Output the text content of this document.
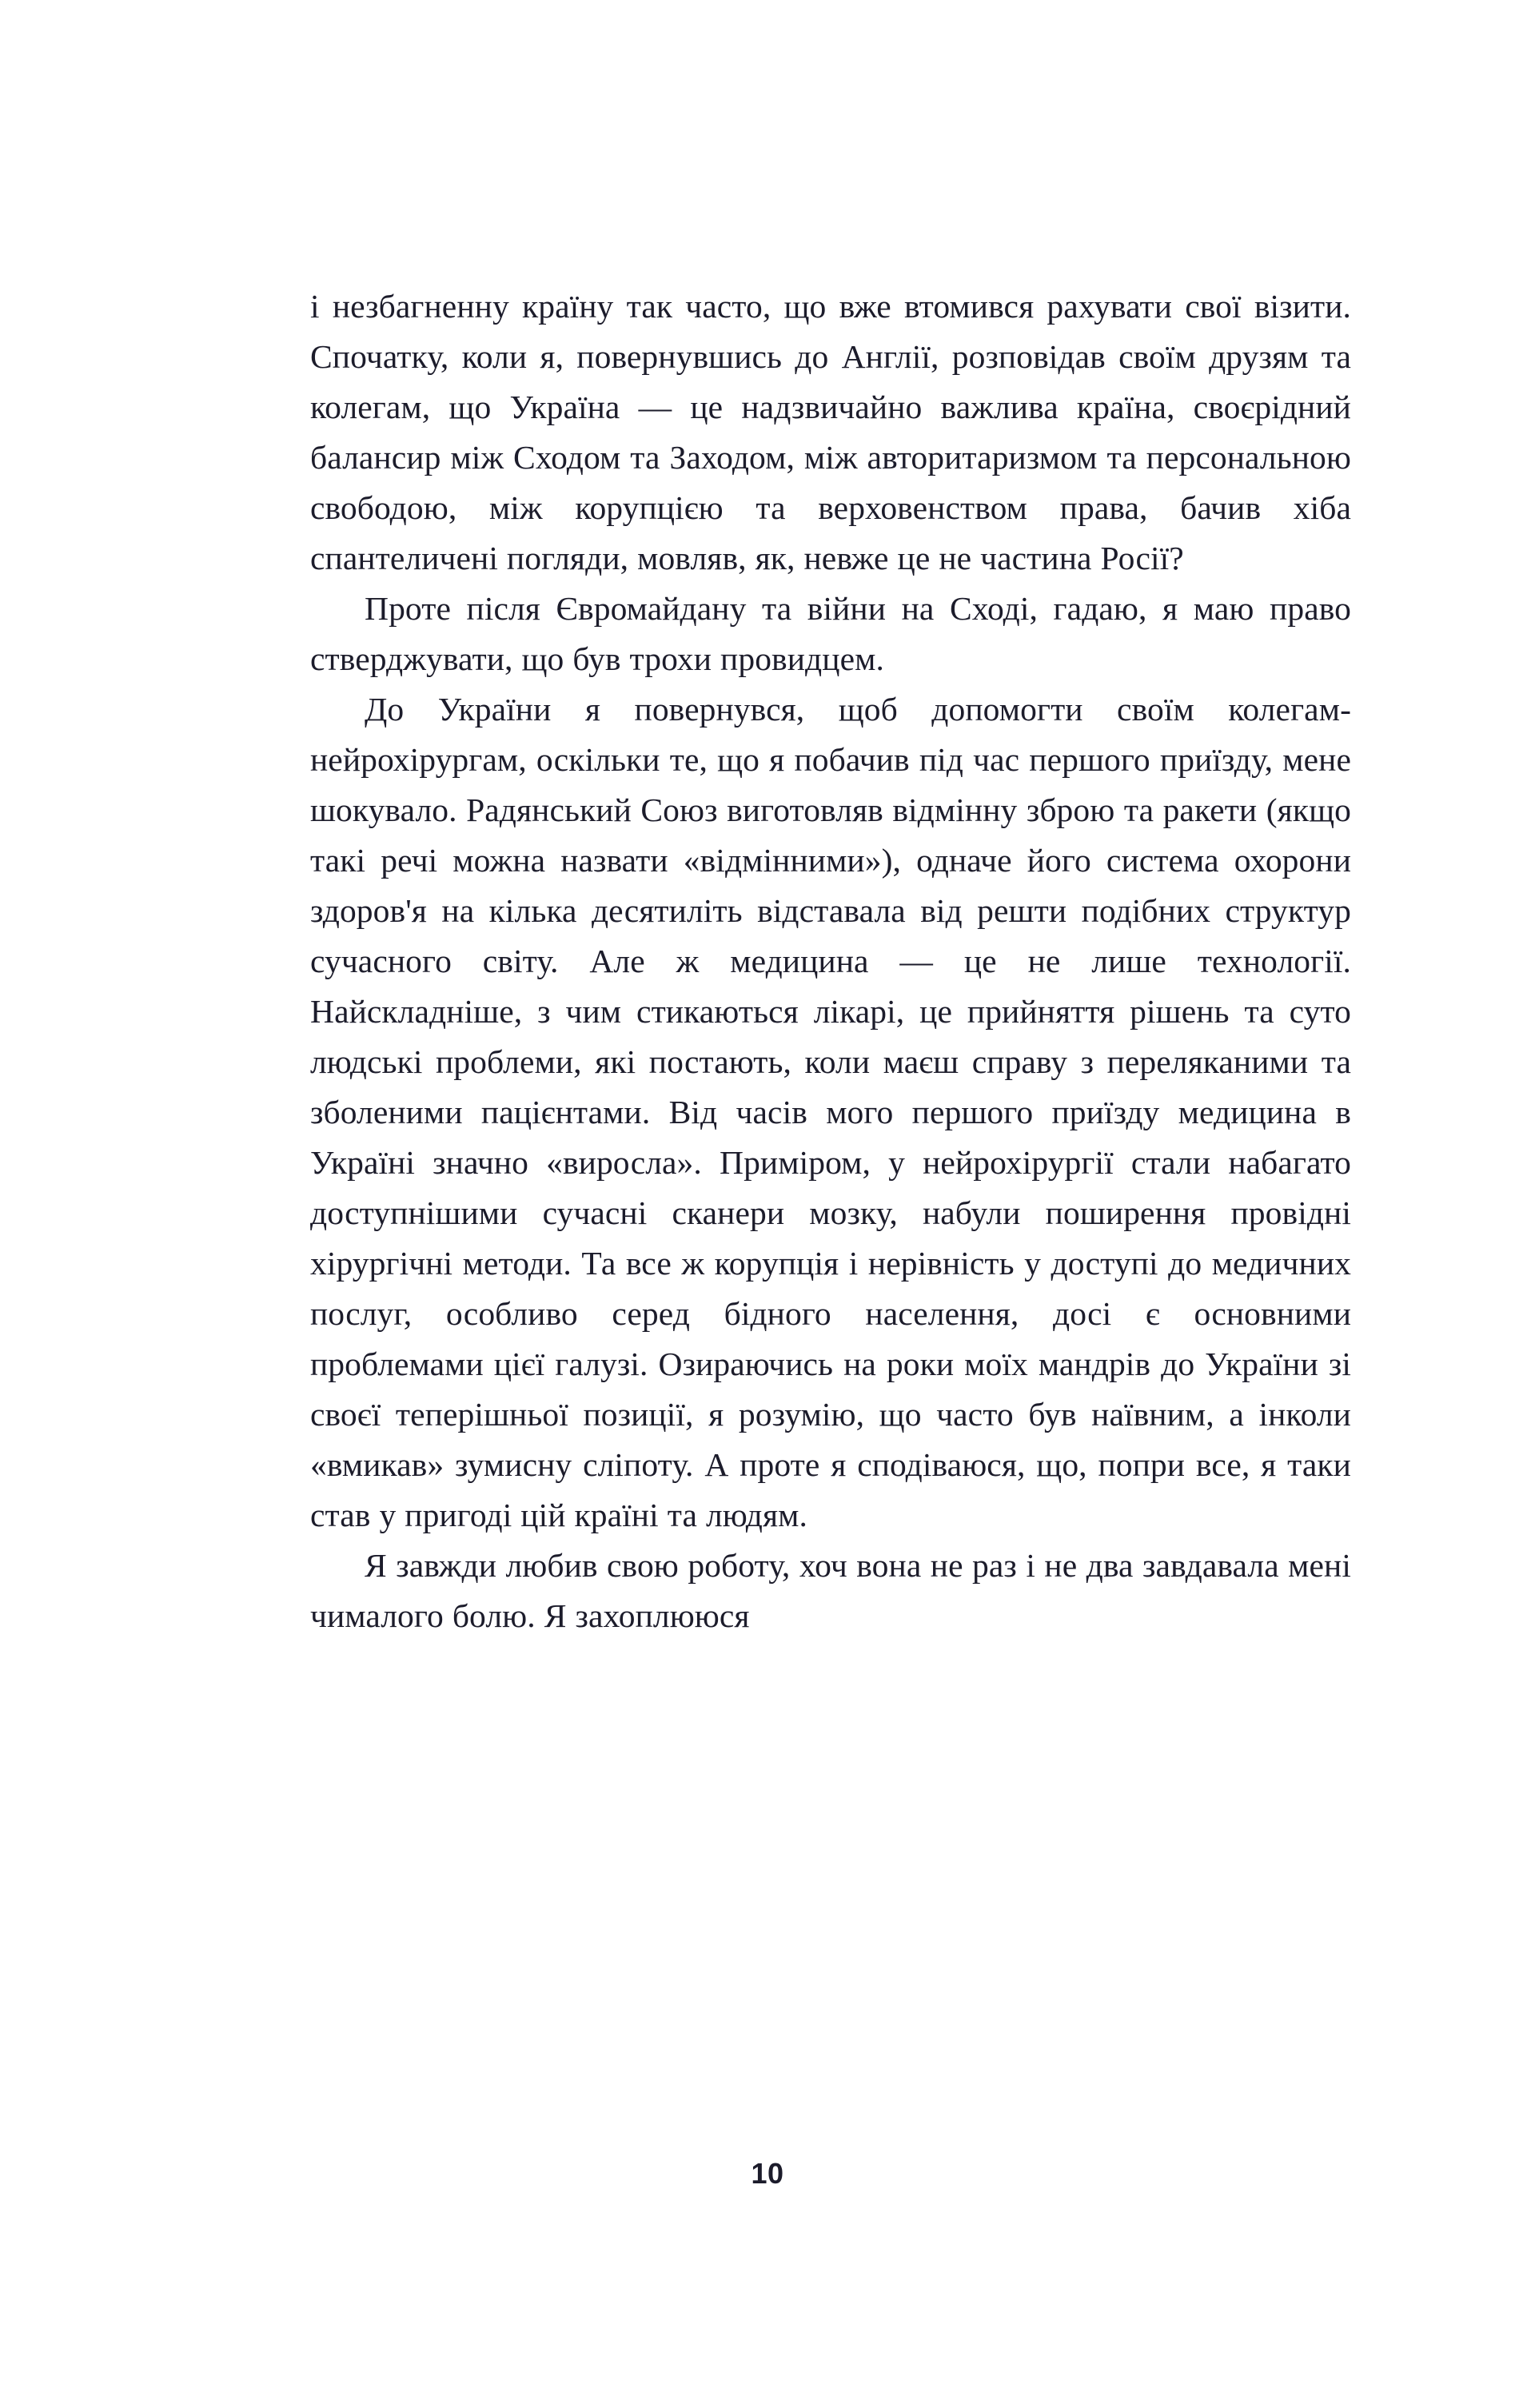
і незбагненну країну так часто, що вже втомився рахувати свої візити. Спочатку, коли я, повернувшись до Англії, розповідав своїм друзям та колегам, що Україна — це надзвичайно важлива країна, своєрідний балансир між Сходом та Заходом, між авторитаризмом та персональною свободою, між корупцією та верховенством права, бачив хіба спантеличені погляди, мовляв, як, невже це не частина Росії?

Проте після Євромайдану та війни на Сході, гадаю, я маю право стверджувати, що був трохи провидцем.

До України я повернувся, щоб допомогти своїм колегам-нейрохірургам, оскільки те, що я побачив під час першого приїзду, мене шокувало. Радянський Союз виготовляв відмінну зброю та ракети (якщо такі речі можна назвати «відмінними»), одначе його система охорони здоров'я на кілька десятиліть відставала від решти подібних структур сучасного світу. Але ж медицина — це не лише технології. Найскладніше, з чим стикаються лікарі, це прийняття рішень та суто людські проблеми, які постають, коли маєш справу з переляканими та зболеними пацієнтами. Від часів мого першого приїзду медицина в Україні значно «виросла». Приміром, у нейрохірургії стали набагато доступнішими сучасні сканери мозку, набули поширення провідні хірургічні методи. Та все ж корупція і нерівність у доступі до медичних послуг, особливо серед бідного населення, досі є основними проблемами цієї галузі. Озираючись на роки моїх мандрів до України зі своєї теперішньої позиції, я розумію, що часто був наївним, а інколи «вмикав» зумисну сліпоту. А проте я сподіваюся, що, попри все, я таки став у пригоді цій країні та людям.

Я завжди любив свою роботу, хоч вона не раз і не два завдавала мені чималого болю. Я захоплююся

10
